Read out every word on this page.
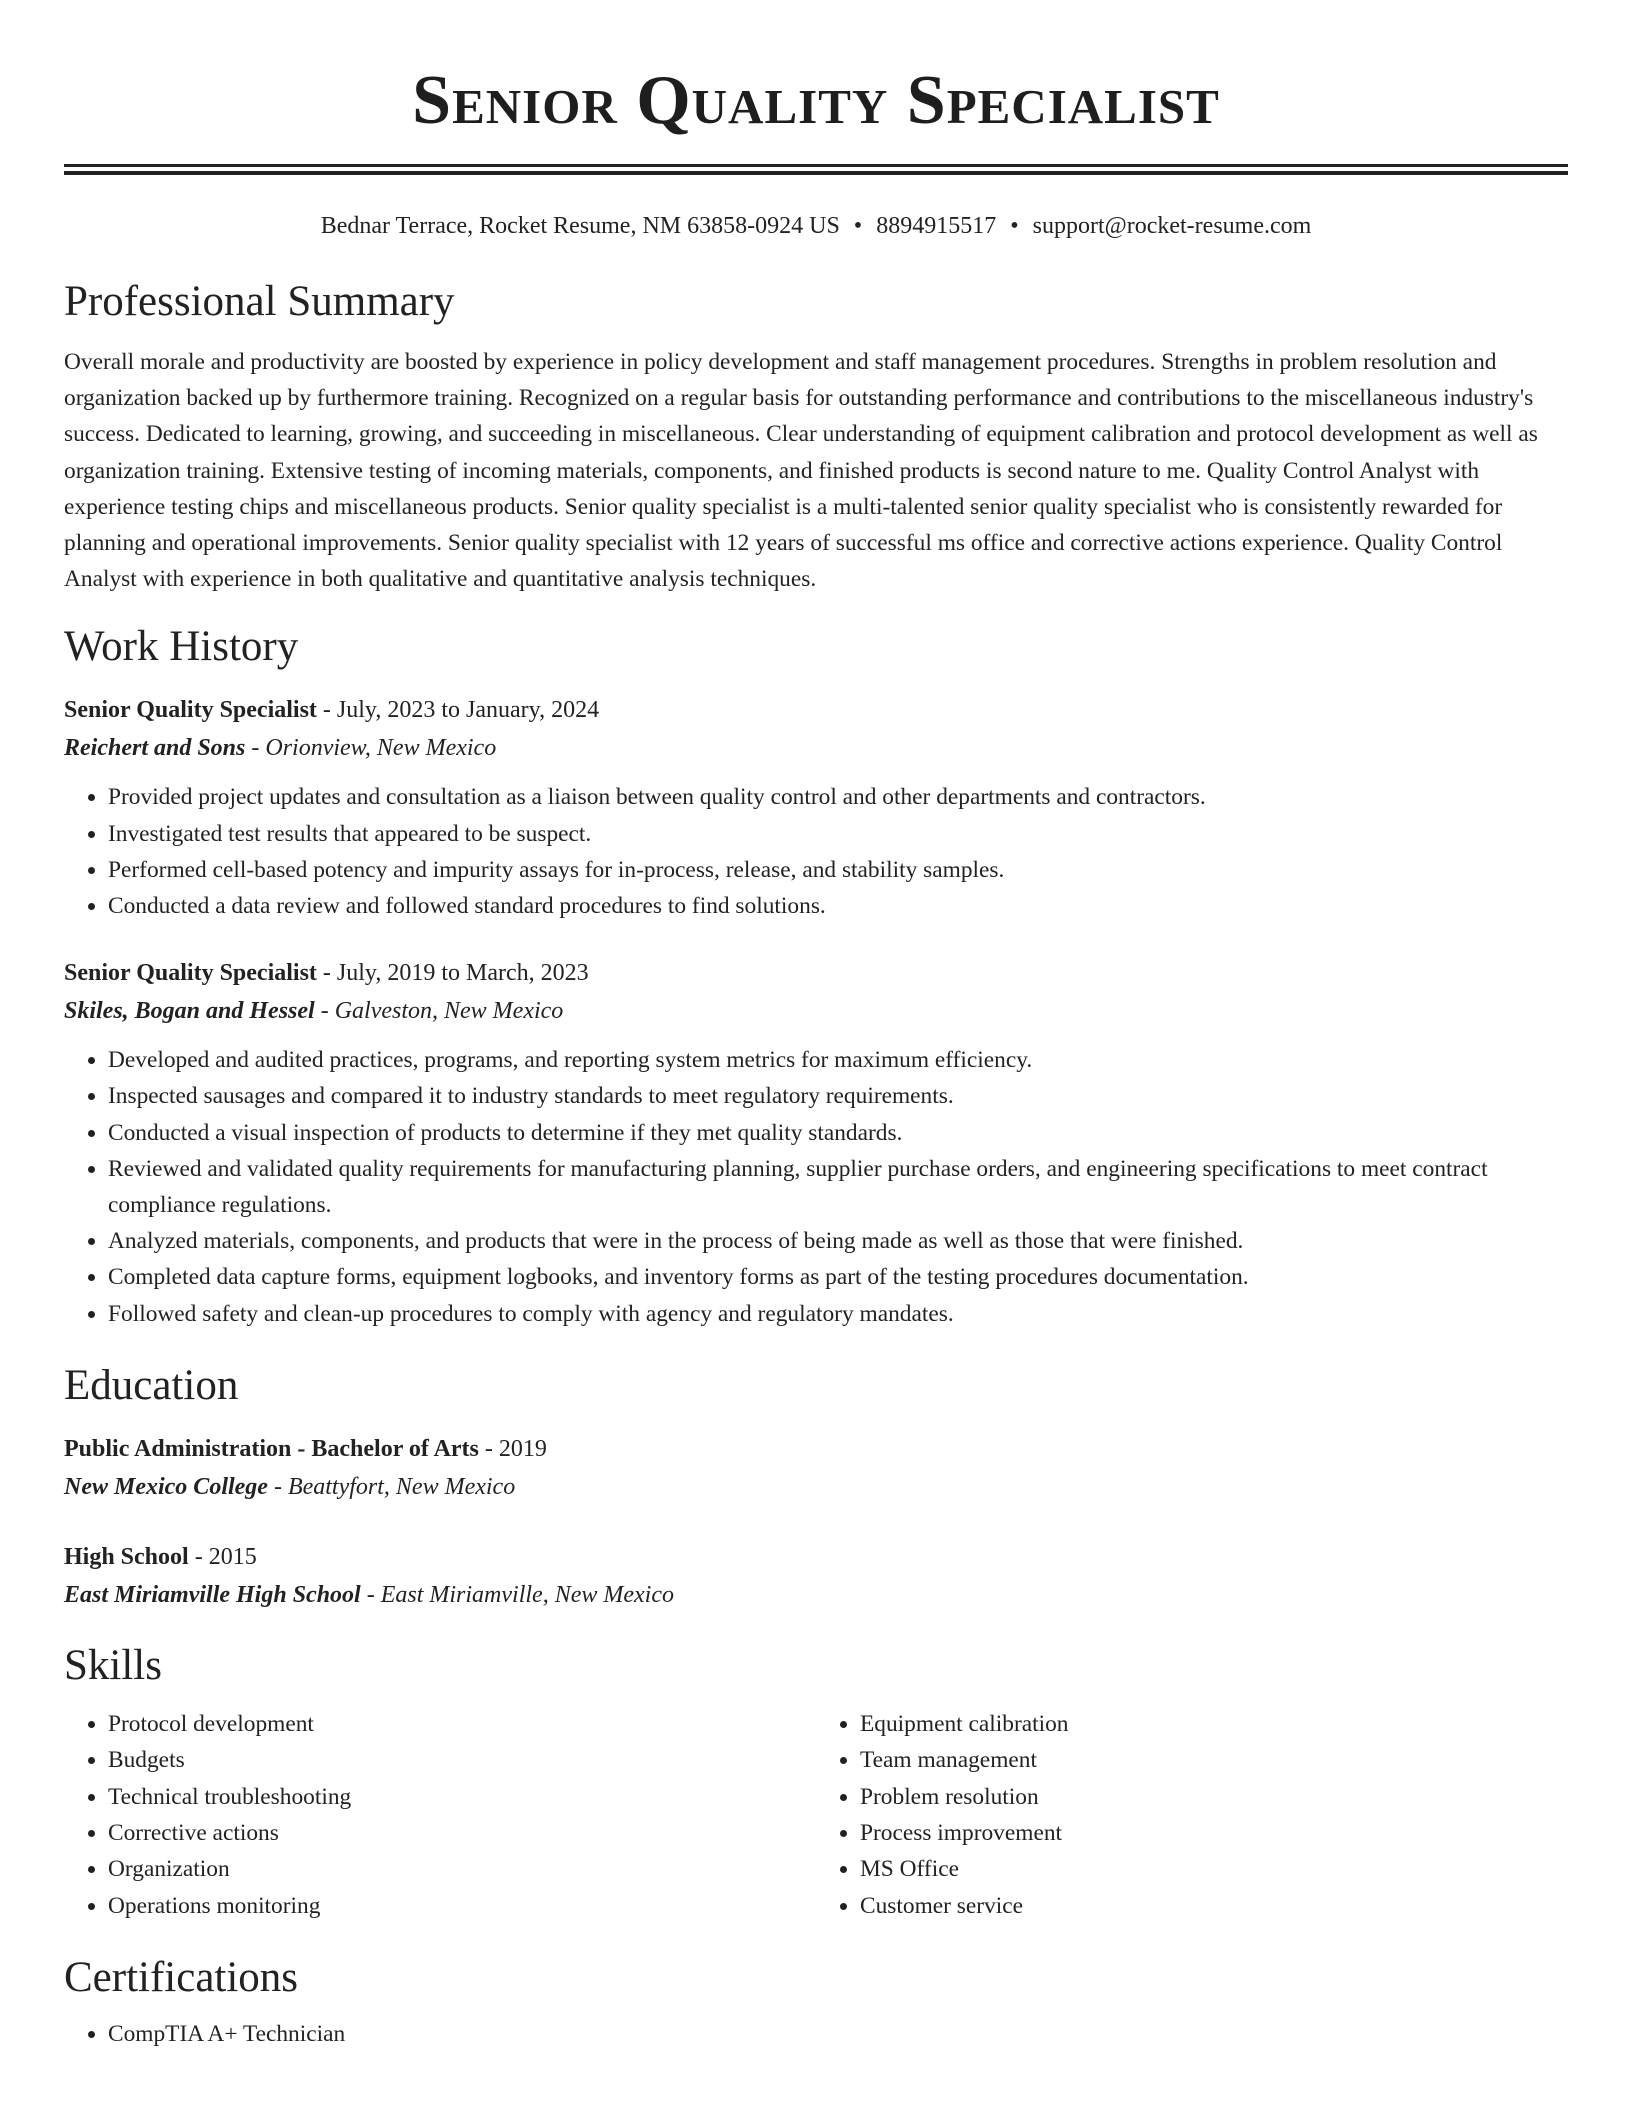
Senior Quality Specialist
Bednar Terrace, Rocket Resume, NM 63858-0924 US • 8894915517 • support@rocket-resume.com
Professional Summary

Overall morale and productivity are boosted by experience in policy development and staff management procedures. Strengths in problem resolution and organization backed up by furthermore training. Recognized on a regular basis for outstanding performance and contributions to the miscellaneous industry's success. Dedicated to learning, growing, and succeeding in miscellaneous. Clear understanding of equipment calibration and protocol development as well as organization training. Extensive testing of incoming materials, components, and finished products is second nature to me. Quality Control Analyst with experience testing chips and miscellaneous products. Senior quality specialist is a multi-talented senior quality specialist who is consistently rewarded for planning and operational improvements. Senior quality specialist with 12 years of successful ms office and corrective actions experience. Quality Control Analyst with experience in both qualitative and quantitative analysis techniques.

Work History
Senior Quality Specialist - July, 2023 to January, 2024
Reichert and Sons - Orionview, New Mexico
• Provided project updates and consultation as a liaison between quality control and other departments and contractors.
• Investigated test results that appeared to be suspect.
• Performed cell-based potency and impurity assays for in-process, release, and stability samples.
• Conducted a data review and followed standard procedures to find solutions.
Senior Quality Specialist - July, 2019 to March, 2023
Skiles, Bogan and Hessel - Galveston, New Mexico
• Developed and audited practices, programs, and reporting system metrics for maximum efficiency.
• Inspected sausages and compared it to industry standards to meet regulatory requirements.
• Conducted a visual inspection of products to determine if they met quality standards.
• Reviewed and validated quality requirements for manufacturing planning, supplier purchase orders, and engineering specifications to meet contract compliance regulations.
• Analyzed materials, components, and products that were in the process of being made as well as those that were finished.
• Completed data capture forms, equipment logbooks, and inventory forms as part of the testing procedures documentation.
• Followed safety and clean-up procedures to comply with agency and regulatory mandates.
Education
Public Administration - Bachelor of Arts - 2019
New Mexico College - Beattyfort, New Mexico
High School - 2015
East Miriamville High School - East Miriamville, New Mexico
Skills
• Protocol development
• Budgets
• Technical troubleshooting
• Corrective actions
• Organization
• Operations monitoring
• Equipment calibration
• Team management
• Problem resolution
• Process improvement
• MS Office
• Customer service
Certifications
• CompTIA A+ Technician
